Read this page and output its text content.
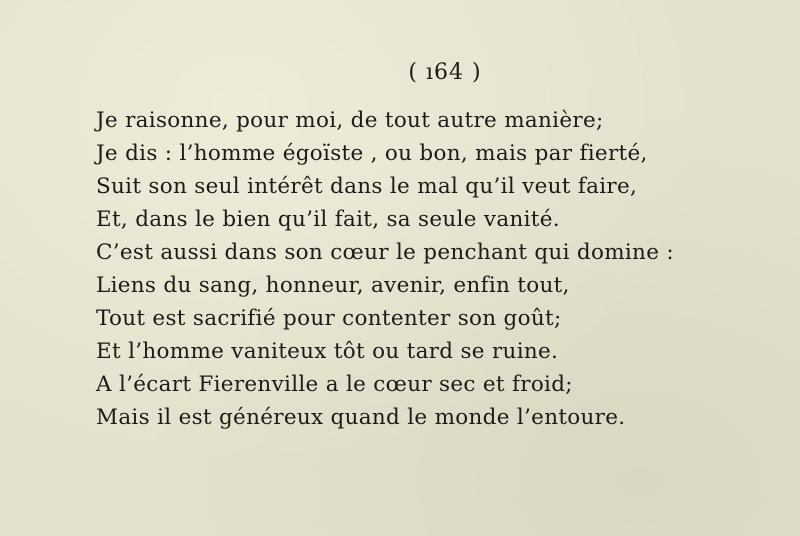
( ı64 )
Je raisonne, pour moi, de tout autre manière;
Je dis : l’homme égoïste , ou bon, mais par fierté,
Suit son seul intérêt dans le mal qu’il veut faire,
Et, dans le bien qu’il fait, sa seule vanité.
C’est aussi dans son cœur le penchant qui domine :
Liens du sang, honneur, avenir, enfin tout,
Tout est sacrifié pour contenter son goût;
Et l’homme vaniteux tôt ou tard se ruine.
A l’écart Fierenville a le cœur sec et froid;
Mais il est généreux quand le monde l’entoure.
